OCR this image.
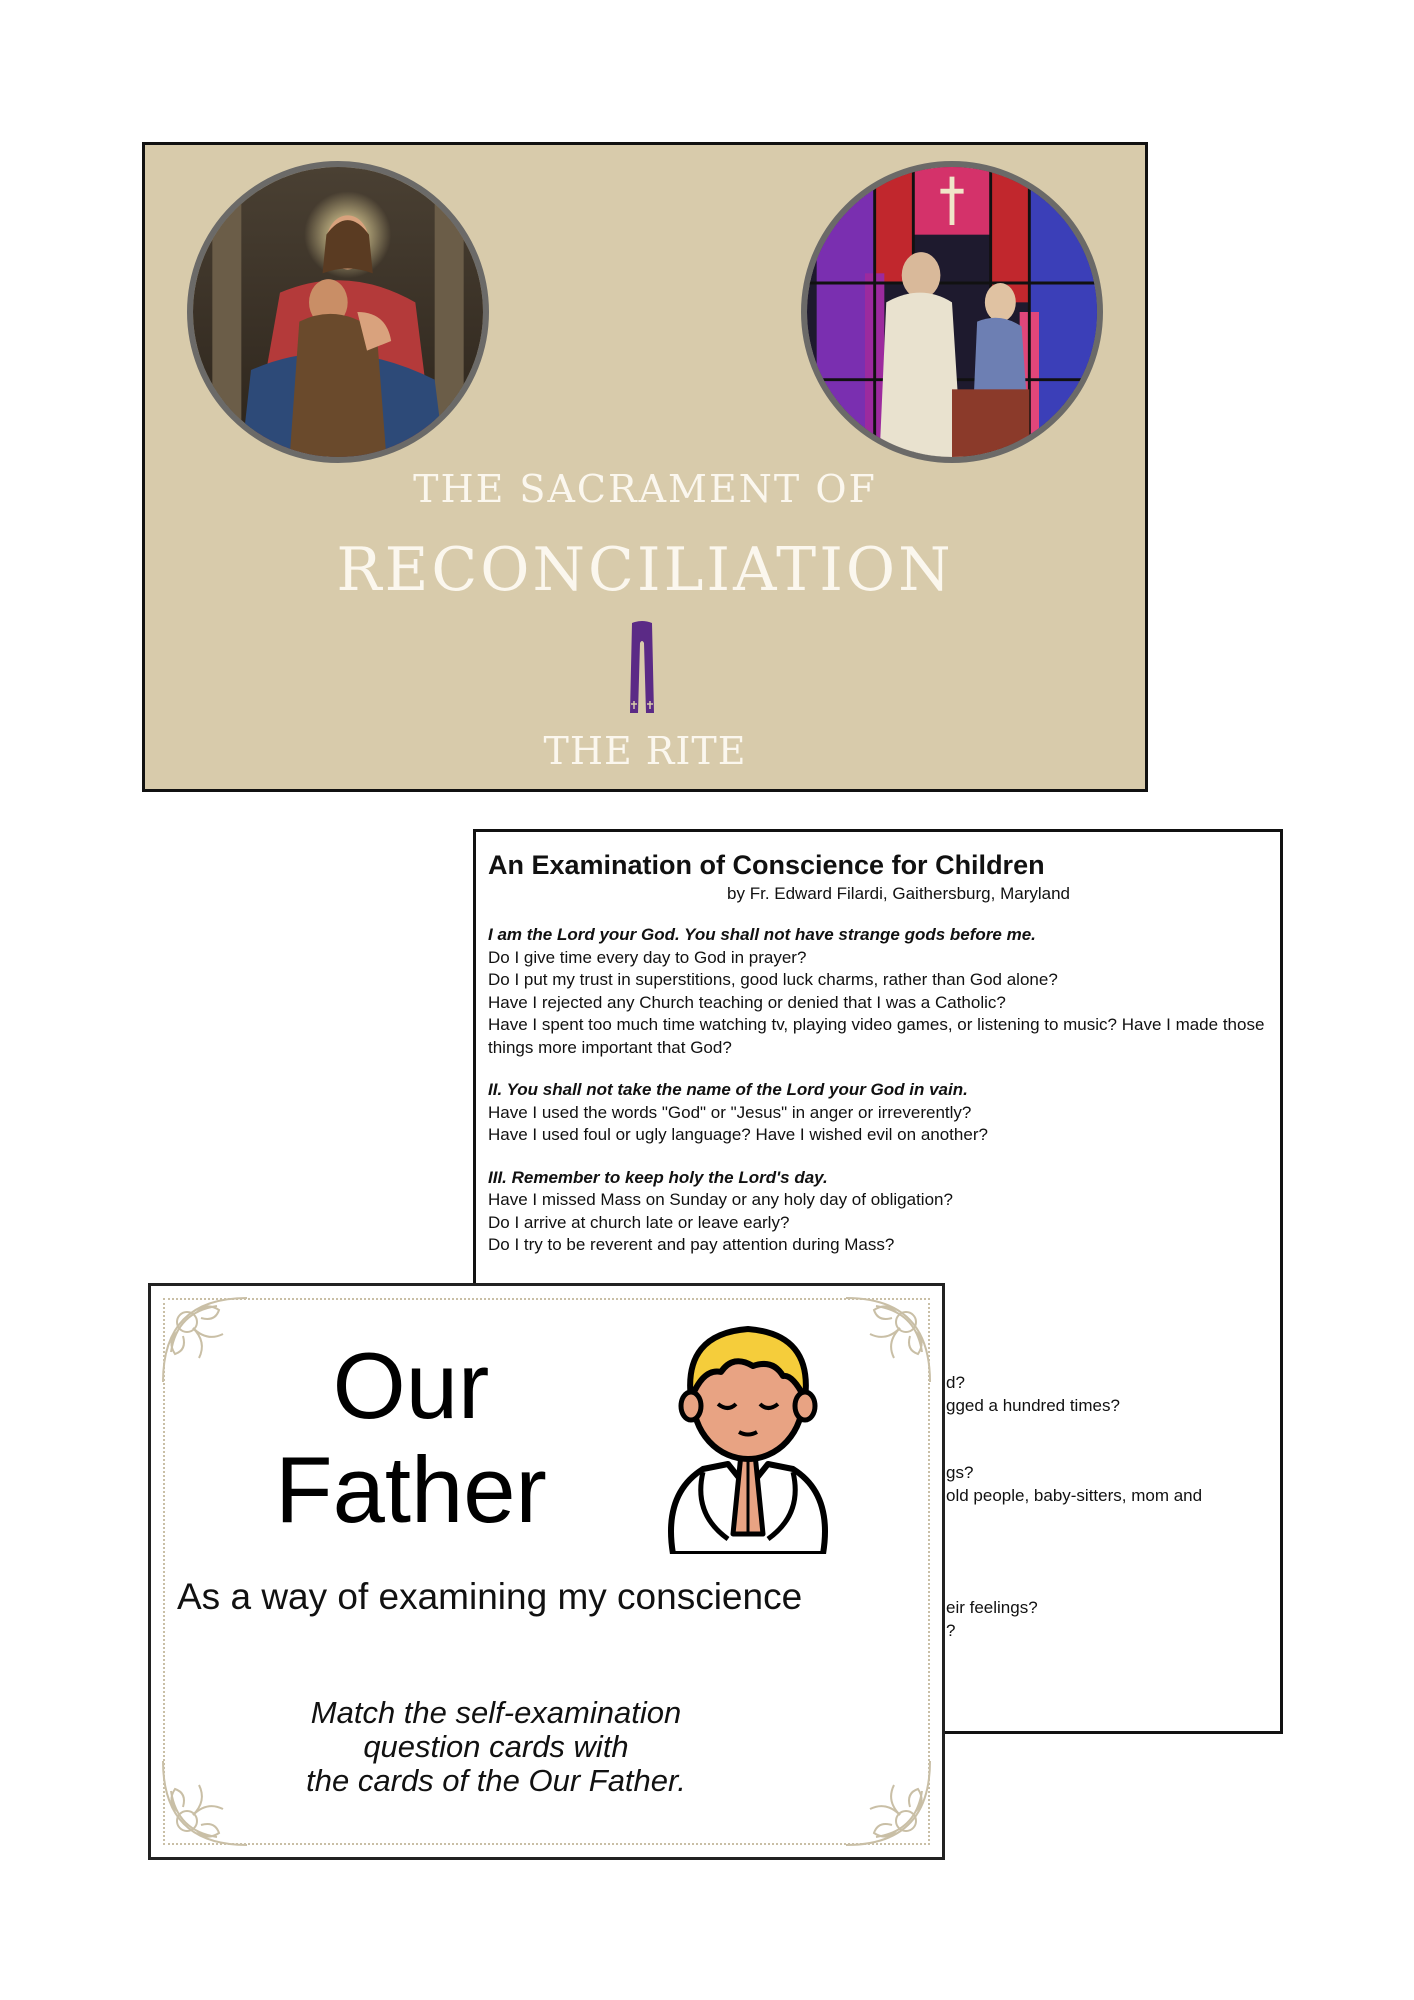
THE SACRAMENT OF
RECONCILIATION
THE RITE
An Examination of Conscience for Children
by Fr. Edward Filardi, Gaithersburg, Maryland
I am the Lord your God. You shall not have strange gods before me.
Do I give time every day to God in prayer?
Do I put my trust in superstitions, good luck charms, rather than God alone?
Have I rejected any Church teaching or denied that I was a Catholic?
Have I spent too much time watching tv, playing video games, or listening to music? Have I made those things more important that God?
II. You shall not take the name of the Lord your God in vain.
Have I used the words "God" or "Jesus" in anger or irreverently?
Have I used foul or ugly language? Have I wished evil on another?
III. Remember to keep holy the Lord's day.
Have I missed Mass on Sunday or any holy day of obligation?
Do I arrive at church late or leave early?
Do I try to be reverent and pay attention during Mass?
d?
gged a hundred times?
gs?
old people, baby-sitters, mom and
eir feelings?
?
Our
Father
As a way of examining my conscience
Match the self-examination
question cards with
the cards of the Our Father.
